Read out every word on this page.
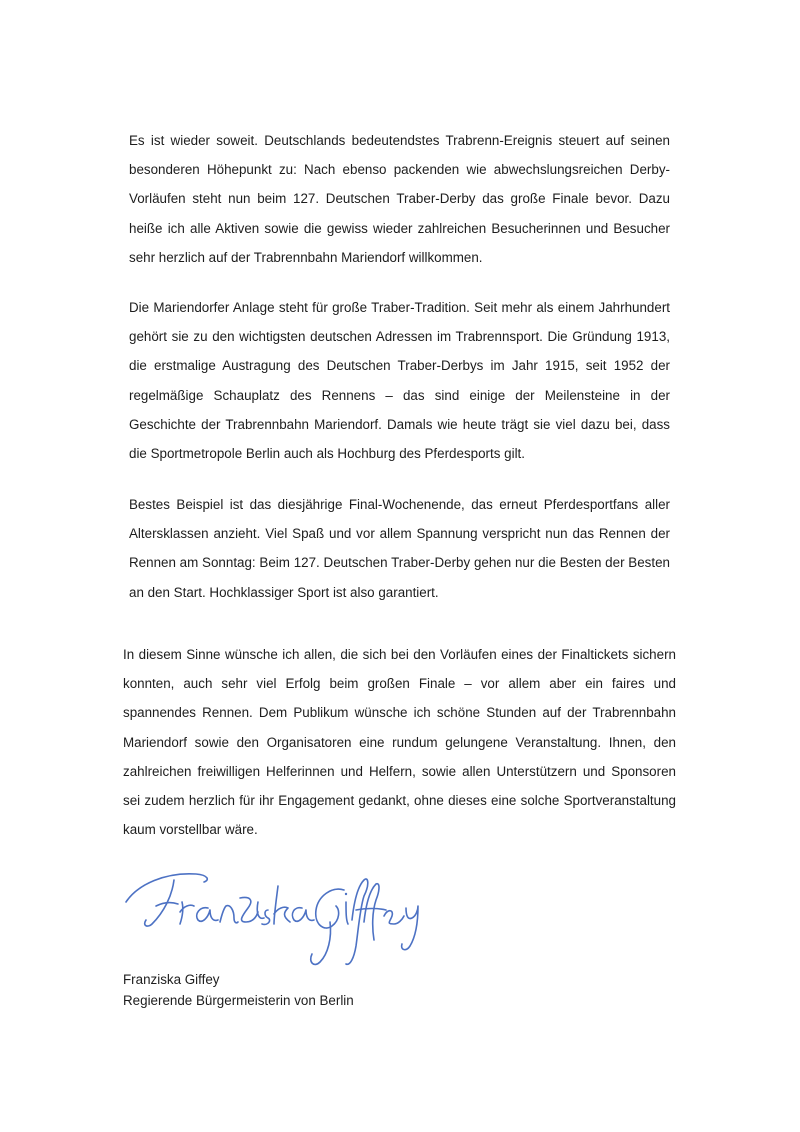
Es ist wieder soweit. Deutschlands bedeutendstes Trabrenn-Ereignis steuert auf seinen besonderen Höhepunkt zu: Nach ebenso packenden wie abwechslungsreichen Derby-Vorläufen steht nun beim 127. Deutschen Traber-Derby das große Finale bevor. Dazu heiße ich alle Aktiven sowie die gewiss wieder zahlreichen Besucherinnen und Besucher sehr herzlich auf der Trabrennbahn Mariendorf willkommen.

Die Mariendorfer Anlage steht für große Traber-Tradition. Seit mehr als einem Jahrhundert gehört sie zu den wichtigsten deutschen Adressen im Trabrennsport. Die Gründung 1913, die erstmalige Austragung des Deutschen Traber-Derbys im Jahr 1915, seit 1952 der regelmäßige Schauplatz des Rennens – das sind einige der Meilensteine in der Geschichte der Trabrennbahn Mariendorf. Damals wie heute trägt sie viel dazu bei, dass die Sportmetropole Berlin auch als Hochburg des Pferdesports gilt.

Bestes Beispiel ist das diesjährige Final-Wochenende, das erneut Pferdesportfans aller Altersklassen anzieht. Viel Spaß und vor allem Spannung verspricht nun das Rennen der Rennen am Sonntag: Beim 127. Deutschen Traber-Derby gehen nur die Besten der Besten an den Start. Hochklassiger Sport ist also garantiert.

In diesem Sinne wünsche ich allen, die sich bei den Vorläufen eines der Finaltickets sichern konnten, auch sehr viel Erfolg beim großen Finale – vor allem aber ein faires und spannendes Rennen. Dem Publikum wünsche ich schöne Stunden auf der Trabrennbahn Mariendorf sowie den Organisatoren eine rundum gelungene Veranstaltung. Ihnen, den zahlreichen freiwilligen Helferinnen und Helfern, sowie allen Unterstützern und Sponsoren sei zudem herzlich für ihr Engagement gedankt, ohne dieses eine solche Sportveranstaltung kaum vorstellbar wäre.

Franziska Giffey

Regierende Bürgermeisterin von Berlin
